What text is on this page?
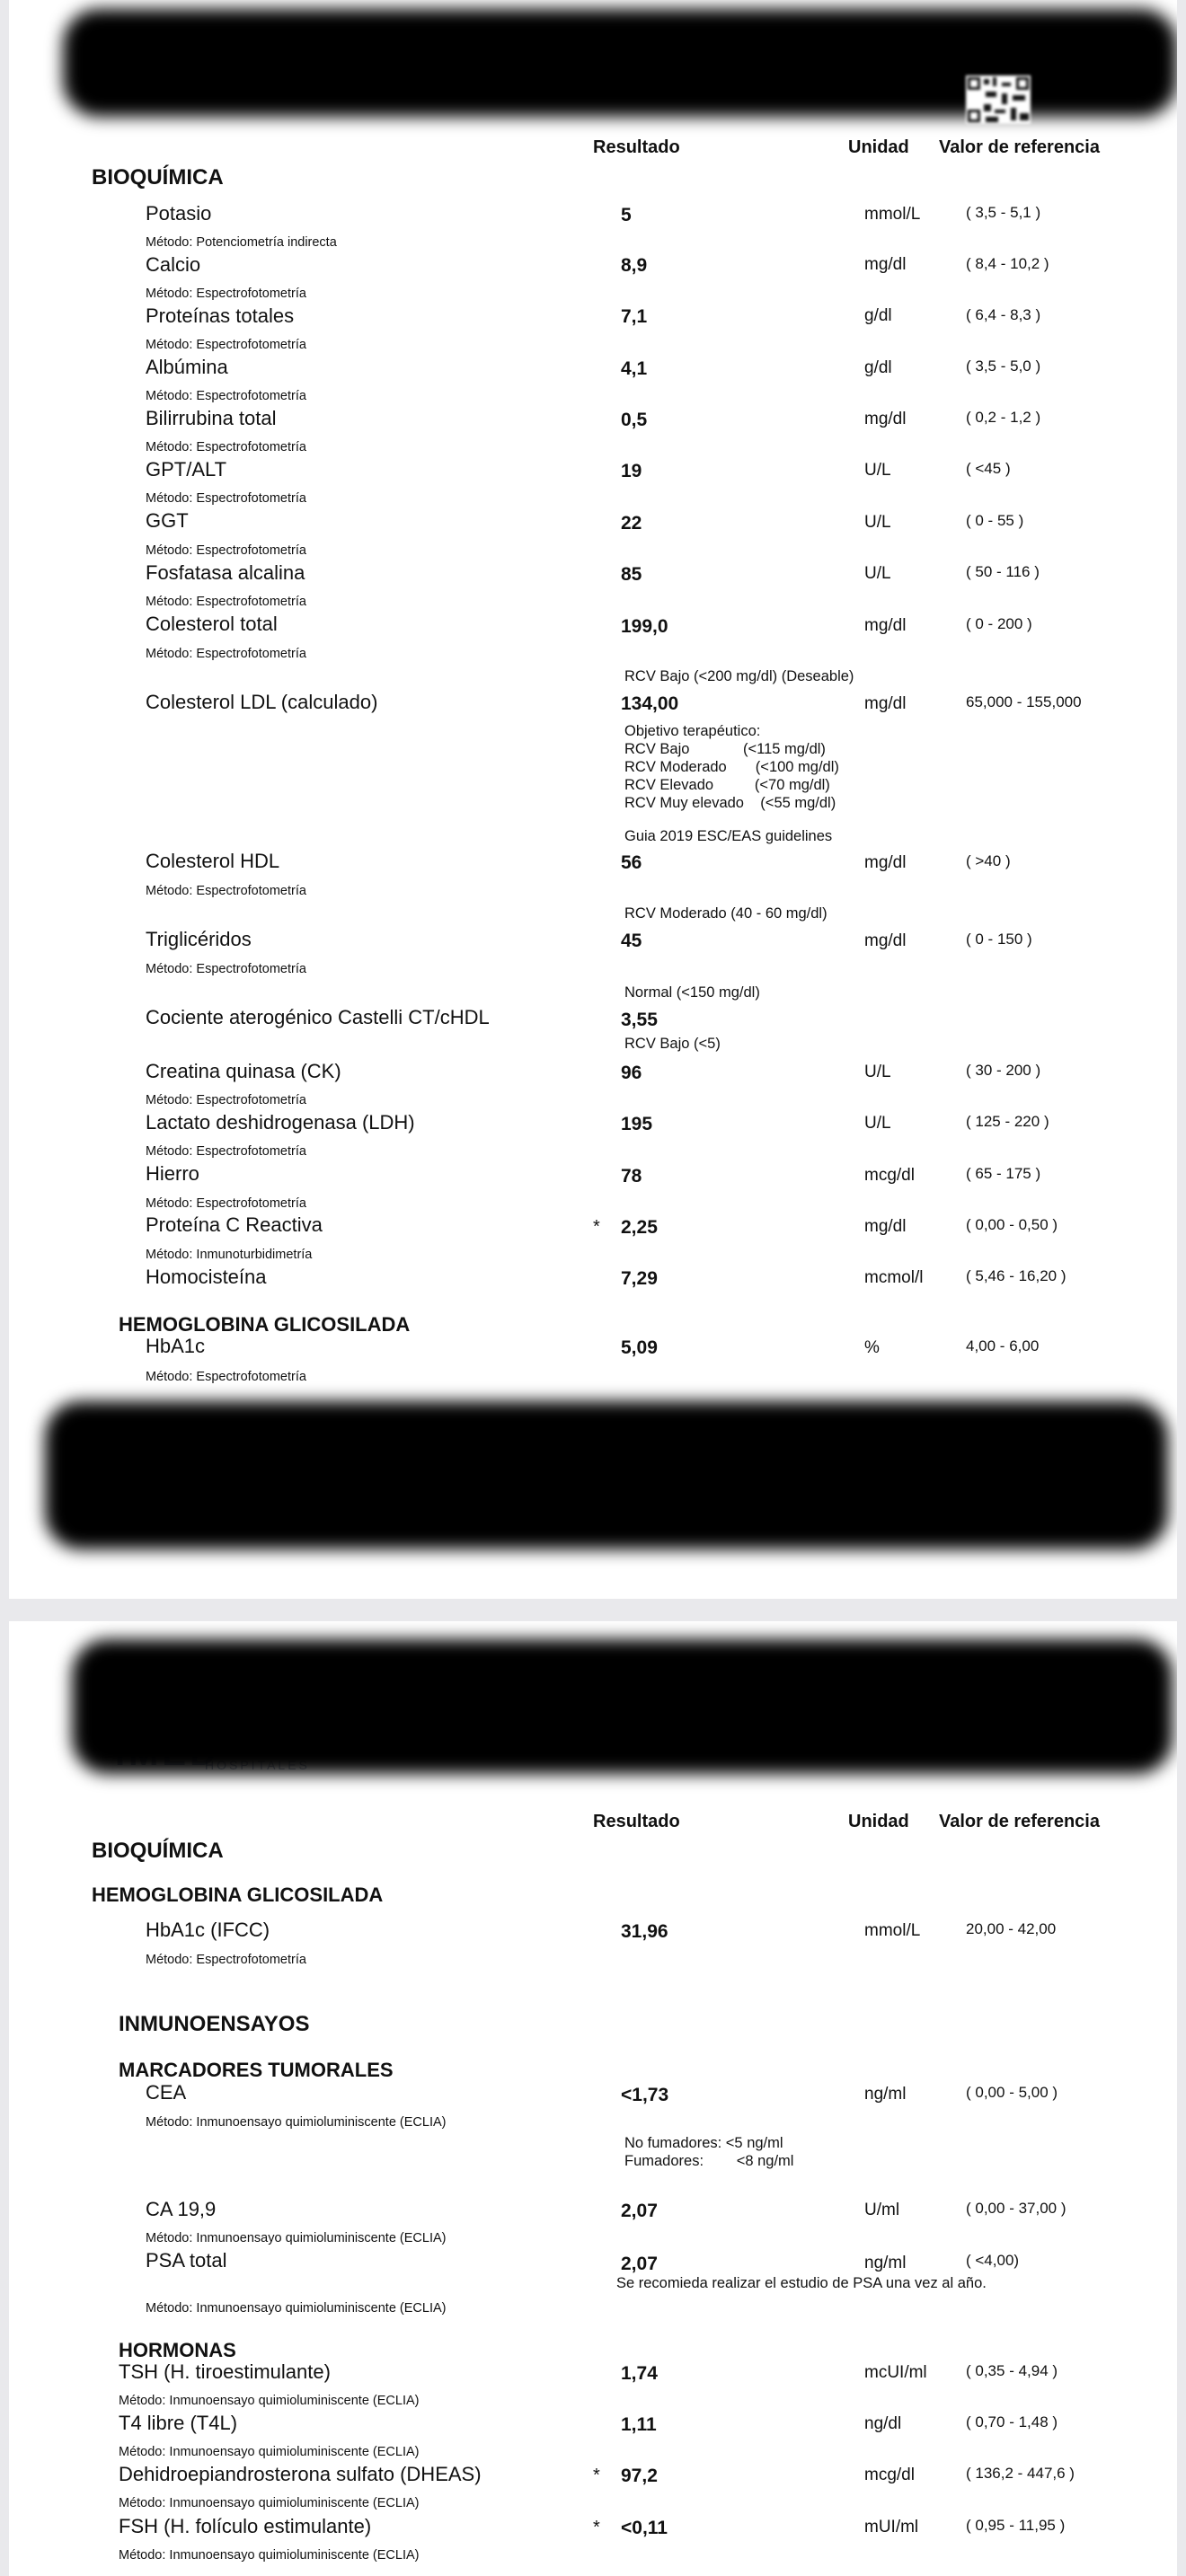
Resultado	Unidad Valor de referencia
BIOQUÍMICA
Potasio	5	mmol/L	( 3,5 - 5,1 )
Método: Potenciometría indirecta
Calcio	8,9	mg/dl	( 8,4 - 10,2 )
Método: Espectrofotometría
Proteínas totales	7,1	g/dl	( 6,4 - 8,3 )
Método: Espectrofotometría
Albúmina	4,1	g/dl	( 3,5 - 5,0 )
Método: Espectrofotometría
Bilirrubina total	0,5	mg/dl	( 0,2 - 1,2 )
Método: Espectrofotometría
GPT/ALT	19	U/L	( <45 )
Método: Espectrofotometría
GGT	22	U/L	( 0 - 55 )
Método: Espectrofotometría
Fosfatasa alcalina	85	U/L	( 50 - 116 )
Método: Espectrofotometría
Colesterol total	199,0	mg/dl	( 0 - 200 )
Método: Espectrofotometría
RCV Bajo (<200 mg/dl) (Deseable)
Colesterol LDL (calculado)	134,00	mg/dl	65,000 - 155,000
Objetivo terapéutico:
RCV Bajo             (<115 mg/dl)
RCV Moderado       (<100 mg/dl)
RCV Elevado          (<70 mg/dl)
RCV Muy elevado    (<55 mg/dl)
Guia 2019 ESC/EAS guidelines
Colesterol HDL	56	mg/dl	( >40 )
Método: Espectrofotometría
RCV Moderado (40 - 60 mg/dl)
Triglicéridos	45	mg/dl	( 0 - 150 )
Método: Espectrofotometría
Normal (<150 mg/dl)
Cociente aterogénico Castelli CT/cHDL	3,55
RCV Bajo (<5)
Creatina quinasa (CK)	96	U/L	( 30 - 200 )
Método: Espectrofotometría
Lactato deshidrogenasa (LDH)	195	U/L	( 125 - 220 )
Método: Espectrofotometría
Hierro	78	mcg/dl	( 65 - 175 )
Método: Espectrofotometría
Proteína C Reactiva	* 2,25	mg/dl	( 0,00 - 0,50 )
Método: Inmunoturbidimetría
Homocisteína	7,29	mcmol/l	( 5,46 - 16,20 )
HEMOGLOBINA GLICOSILADA
HbA1c	5,09	%	4,00 - 6,00
Método: Espectrofotometría
Resultado	Unidad Valor de referencia
BIOQUÍMICA
HEMOGLOBINA GLICOSILADA
HbA1c (IFCC)	31,96	mmol/L	20,00 - 42,00
Método: Espectrofotometría
INMUNOENSAYOS
MARCADORES TUMORALES
CEA	<1,73	ng/ml	( 0,00 - 5,00 )
Método: Inmunoensayo quimioluminiscente (ECLIA)
No fumadores: <5 ng/ml
Fumadores:        <8 ng/ml
CA 19,9	2,07	U/ml	( 0,00 - 37,00 )
Método: Inmunoensayo quimioluminiscente (ECLIA)
PSA total	2,07	ng/ml	( <4,00)
Se recomieda realizar el estudio de PSA una vez al año.
Método: Inmunoensayo quimioluminiscente (ECLIA)
HORMONAS
TSH (H. tiroestimulante)	1,74	mcUI/ml	( 0,35 - 4,94 )
Método: Inmunoensayo quimioluminiscente (ECLIA)
T4 libre (T4L)	1,11	ng/dl	( 0,70 - 1,48 )
Método: Inmunoensayo quimioluminiscente (ECLIA)
Dehidroepiandrosterona sulfato (DHEAS)	* 97,2	mcg/dl	( 136,2 - 447,6 )
Método: Inmunoensayo quimioluminiscente (ECLIA)
FSH (H. folículo estimulante)	* <0,11	mUI/ml	( 0,95 - 11,95 )
Método: Inmunoensayo quimioluminiscente (ECLIA)
